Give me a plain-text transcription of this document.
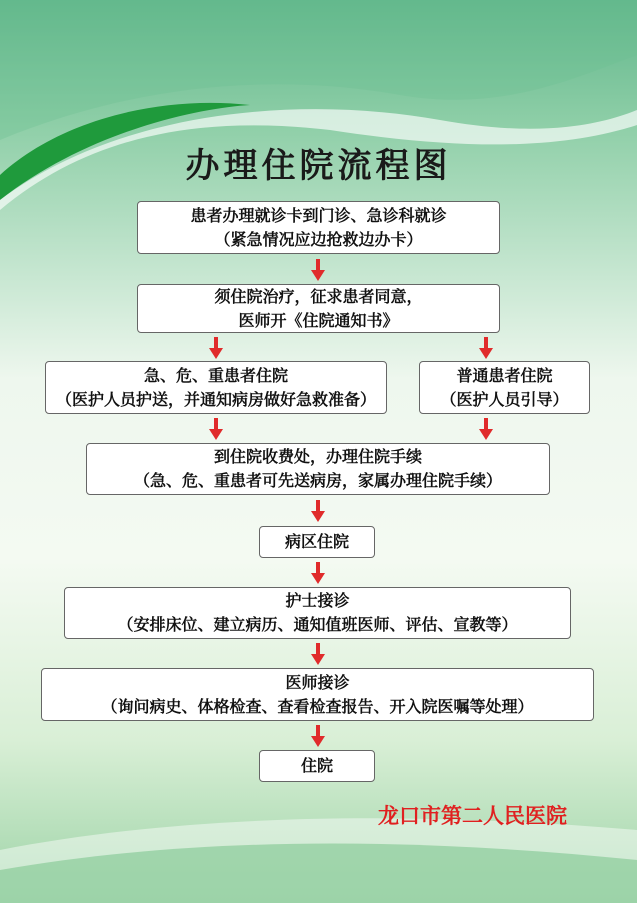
办理住院流程图
患者办理就诊卡到门诊、急诊科就诊
（紧急情况应边抢救边办卡）
须住院治疗，征求患者同意，
医师开《住院通知书》
急、危、重患者住院
（医护人员护送，并通知病房做好急救准备）
普通患者住院
（医护人员引导）
到住院收费处，办理住院手续
（急、危、重患者可先送病房，家属办理住院手续）
病区住院
护士接诊
（安排床位、建立病历、通知值班医师、评估、宣教等）
医师接诊
（询问病史、体格检查、查看检查报告、开入院医嘱等处理）
住院
龙口市第二人民医院
